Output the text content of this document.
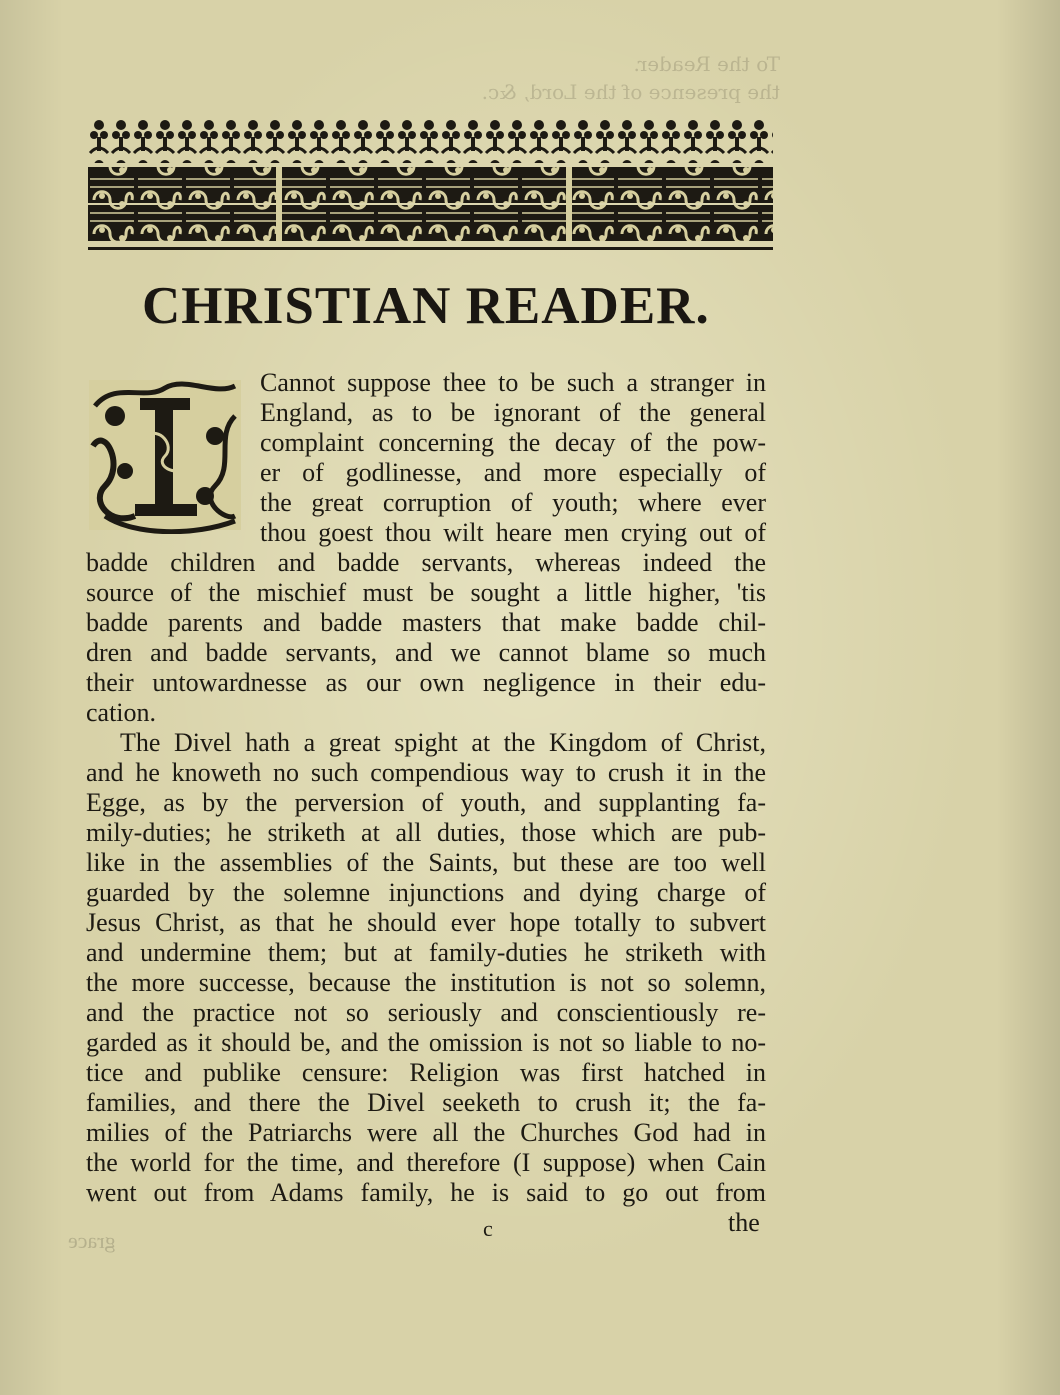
To the Reader.
the presence of the Lord, &c.
CHRISTIAN READER.
Cannot suppose thee to be such a stranger in
England, as to be ignorant of the general
complaint concerning the decay of the pow-
er of godlinesse, and more especially of
the great corruption of youth; where ever
thou goest thou wilt heare men crying out of
badde children and badde servants, whereas indeed the
source of the mischief must be sought a little higher, 'tis
badde parents and badde masters that make badde chil-
dren and badde servants, and we cannot blame so much
their untowardnesse as our own negligence in their edu-
cation.
The Divel hath a great spight at the Kingdom of Christ,
and he knoweth no such compendious way to crush it in the
Egge, as by the perversion of youth, and supplanting fa-
mily-duties; he striketh at all duties, those which are pub-
like in the assemblies of the Saints, but these are too well
guarded by the solemne injunctions and dying charge of
Jesus Christ, as that he should ever hope totally to subvert
and undermine them; but at family-duties he striketh with
the more successe, because the institution is not so solemn,
and the practice not so seriously and conscientiously re-
garded as it should be, and the omission is not so liable to no-
tice and publike censure: Religion was first hatched in
families, and there the Divel seeketh to crush it; the fa-
milies of the Patriarchs were all the Churches God had in
the world for the time, and therefore (I suppose) when Cain
went out from Adams family, he is said to go out from
c	the
grace
